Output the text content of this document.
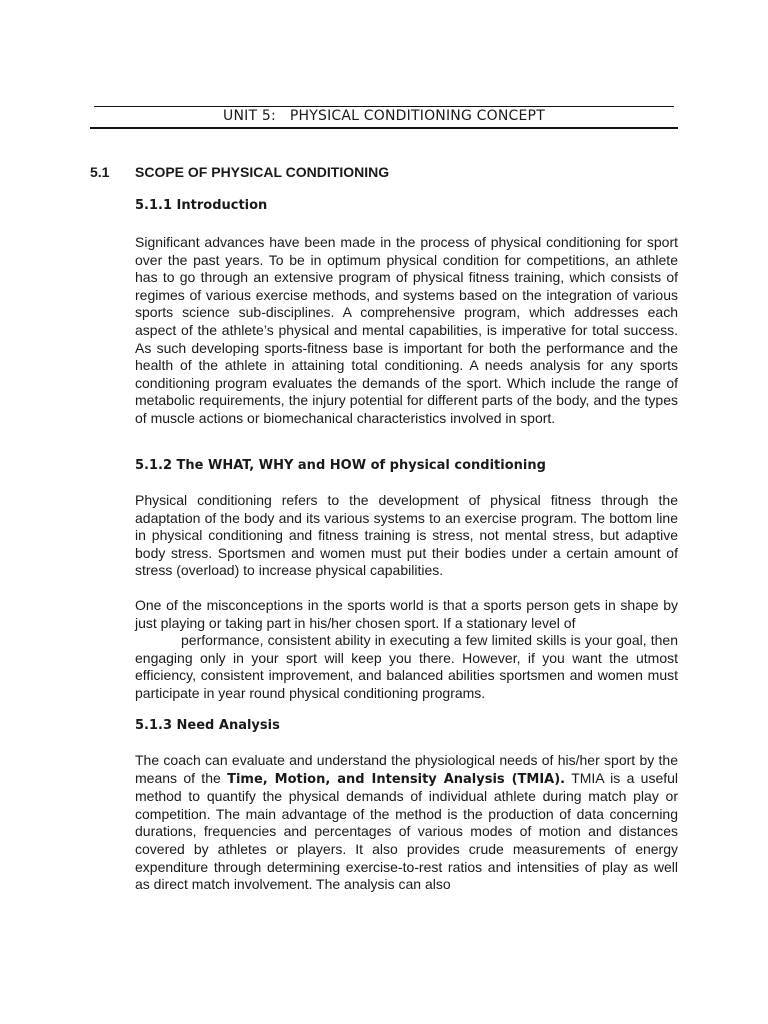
UNIT 5:   PHYSICAL CONDITIONING CONCEPT
5.1 SCOPE OF PHYSICAL CONDITIONING
5.1.1 Introduction
Significant advances have been made in the process of physical conditioning for sport over the past years. To be in optimum physical condition for competitions, an athlete has to go through an extensive program of physical fitness training, which consists of regimes of various exercise methods, and systems based on the integration of various sports science sub-disciplines. A comprehensive program, which addresses each aspect of the athlete’s physical and mental capabilities, is imperative for total success. As such developing sports-fitness base is important for both the performance and the health of the athlete in attaining total conditioning. A needs analysis for any sports conditioning program evaluates the demands of the sport. Which include the range of metabolic requirements, the injury potential for different parts of the body, and the types of muscle actions or biomechanical characteristics involved in sport.
5.1.2 The WHAT, WHY and HOW of physical conditioning
Physical conditioning refers to the development of physical fitness through the adaptation of the body and its various systems to an exercise program. The bottom line in physical conditioning and fitness training is stress, not mental stress, but adaptive body stress. Sportsmen and women must put their bodies under a certain amount of stress (overload) to increase physical capabilities.
One of the misconceptions in the sports world is that a sports person gets in shape by just playing or taking part in his/her chosen sport. If a stationary level of
performance, consistent ability in executing a few limited skills is your goal, then engaging only in your sport will keep you there. However, if you want the utmost efficiency, consistent improvement, and balanced abilities sportsmen and women must participate in year round physical conditioning programs.
5.1.3 Need Analysis
The coach can evaluate and understand the physiological needs of his/her sport by the means of the Time, Motion, and Intensity Analysis (TMIA). TMIA is a useful method to quantify the physical demands of individual athlete during match play or competition. The main advantage of the method is the production of data concerning durations, frequencies and percentages of various modes of motion and distances covered by athletes or players. It also provides crude measurements of energy expenditure through determining exercise-to-rest ratios and intensities of play as well as direct match involvement. The analysis can also
